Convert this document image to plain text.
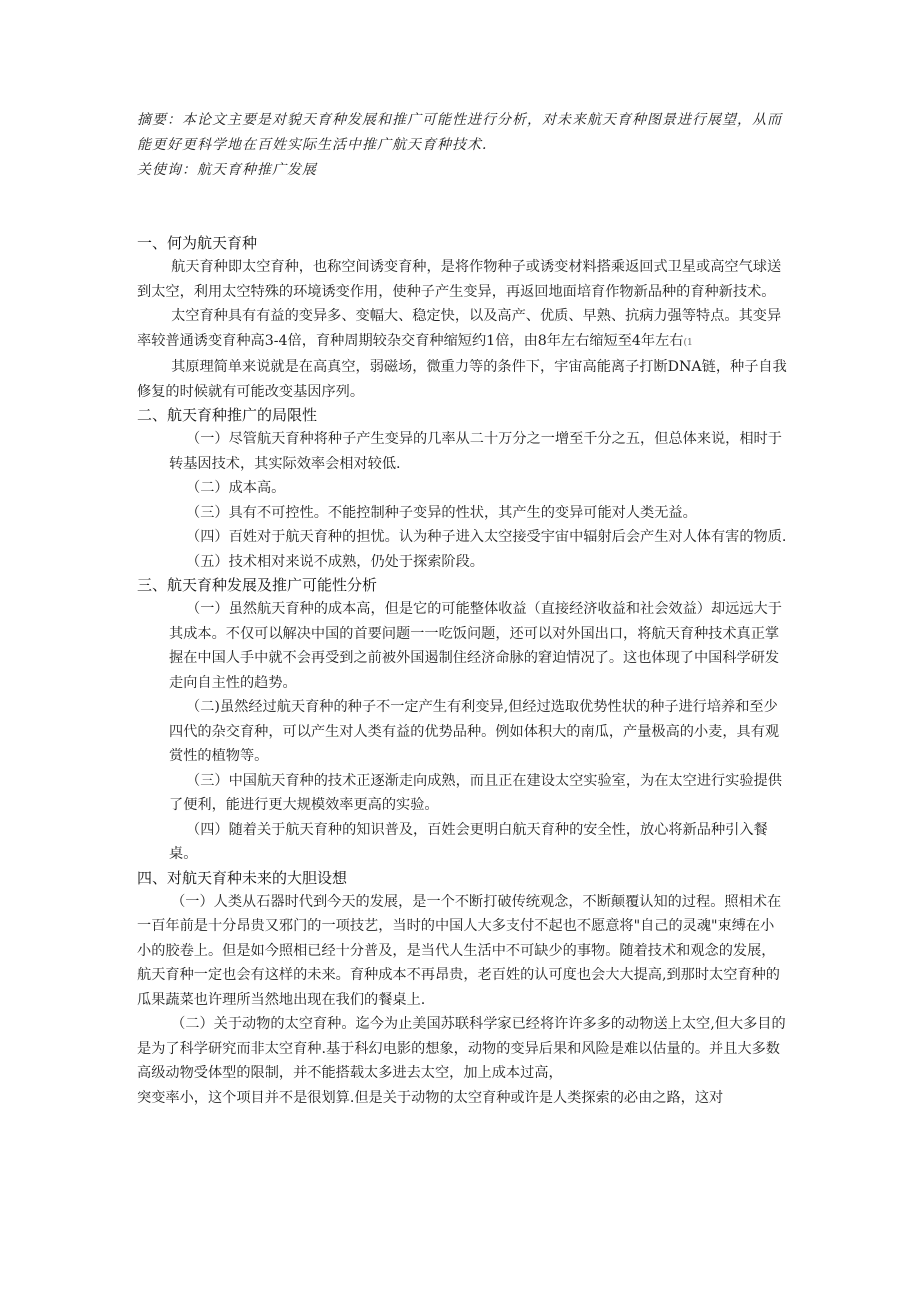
摘要：本论文主要是对貌天育种发展和推广可能性进行分析，对未来航天育种图景进行展望，从而能更好更科学地在百姓实际生活中推广航天育种技术.

关使询：航天育种推广发展

一、何为航天育种

航天育种即太空育种，也称空间诱变育种，是将作物种子或诱变材料搭乘返回式卫星或高空气球送到太空，利用太空特殊的环境诱变作用，使种子产生变异，再返回地面培育作物新品种的育种新技术。

太空育种具有有益的变异多、变幅大、稳定快，以及高产、优质、早熟、抗病力强等特点。其变异率较普通诱变育种高3-4倍，育种周期较杂交育种缩短约1倍，由8年左右缩短至4年左右(1

其原理简单来说就是在高真空，弱磁场，微重力等的条件下，宇宙高能离子打断DNA链，种子自我修复的时候就有可能改变基因序列。

二、航天育种推广的局限性

（一）尽管航天育种将种子产生变异的几率从二十万分之一增至千分之五，但总体来说，相时于转基因技术，其实际效率会相对较低.

（二）成本高。

（三）具有不可控性。不能控制种子变异的性状，其产生的变异可能对人类无益。

（四）百姓对于航天育种的担忧。认为种子进入太空接受宇宙中辐射后会产生对人体有害的物质.

（五）技术相对来说不成熟，仍处于探索阶段。

三、航天育种发展及推广可能性分析

（一）虽然航天育种的成本高，但是它的可能整体收益（直接经济收益和社会效益）却远远大于其成本。不仅可以解决中国的首要问题一一吃饭问题，还可以对外国出口，将航天育种技术真正掌握在中国人手中就不会再受到之前被外国遏制住经济命脉的窘迫情况了。这也体现了中国科学研发走向自主性的趋势。

（二)虽然经过航天育种的种子不一定产生有利变异,但经过选取优势性状的种子进行培养和至少四代的杂交育种，可以产生对人类有益的优势品种。例如体积大的南瓜，产量极高的小麦，具有观赏性的植物等。

（三）中国航天育种的技术正逐渐走向成熟，而且正在建设太空实验室，为在太空进行实验提供了便利，能进行更大规模效率更高的实验。

（四）随着关于航天育种的知识普及，百姓会更明白航天育种的安全性，放心将新品种引入餐桌。

四、对航天育种未来的大胆设想

（一）人类从石器时代到今天的发展，是一个不断打破传统观念，不断颠覆认知的过程。照相术在一百年前是十分昂贵又邪门的一项技艺，当时的中国人大多支付不起也不愿意将"自己的灵魂"束缚在小小的胶卷上。但是如今照相已经十分普及，是当代人生活中不可缺少的事物。随着技术和观念的发展，航天育种一定也会有这样的未来。育种成本不再昂贵，老百姓的认可度也会大大提高,到那时太空育种的瓜果蔬菜也许理所当然地出现在我们的餐桌上.

（二）关于动物的太空育种。迄今为止美国苏联科学家已经将许许多多的动物送上太空,但大多目的是为了科学研究而非太空育种.基于科幻电影的想象，动物的变异后果和风险是难以估量的。并且大多数高级动物受体型的限制，并不能搭载太多进去太空，加上成本过高，

突变率小，这个项目并不是很划算.但是关于动物的太空育种或许是人类探索的必由之路，这对
